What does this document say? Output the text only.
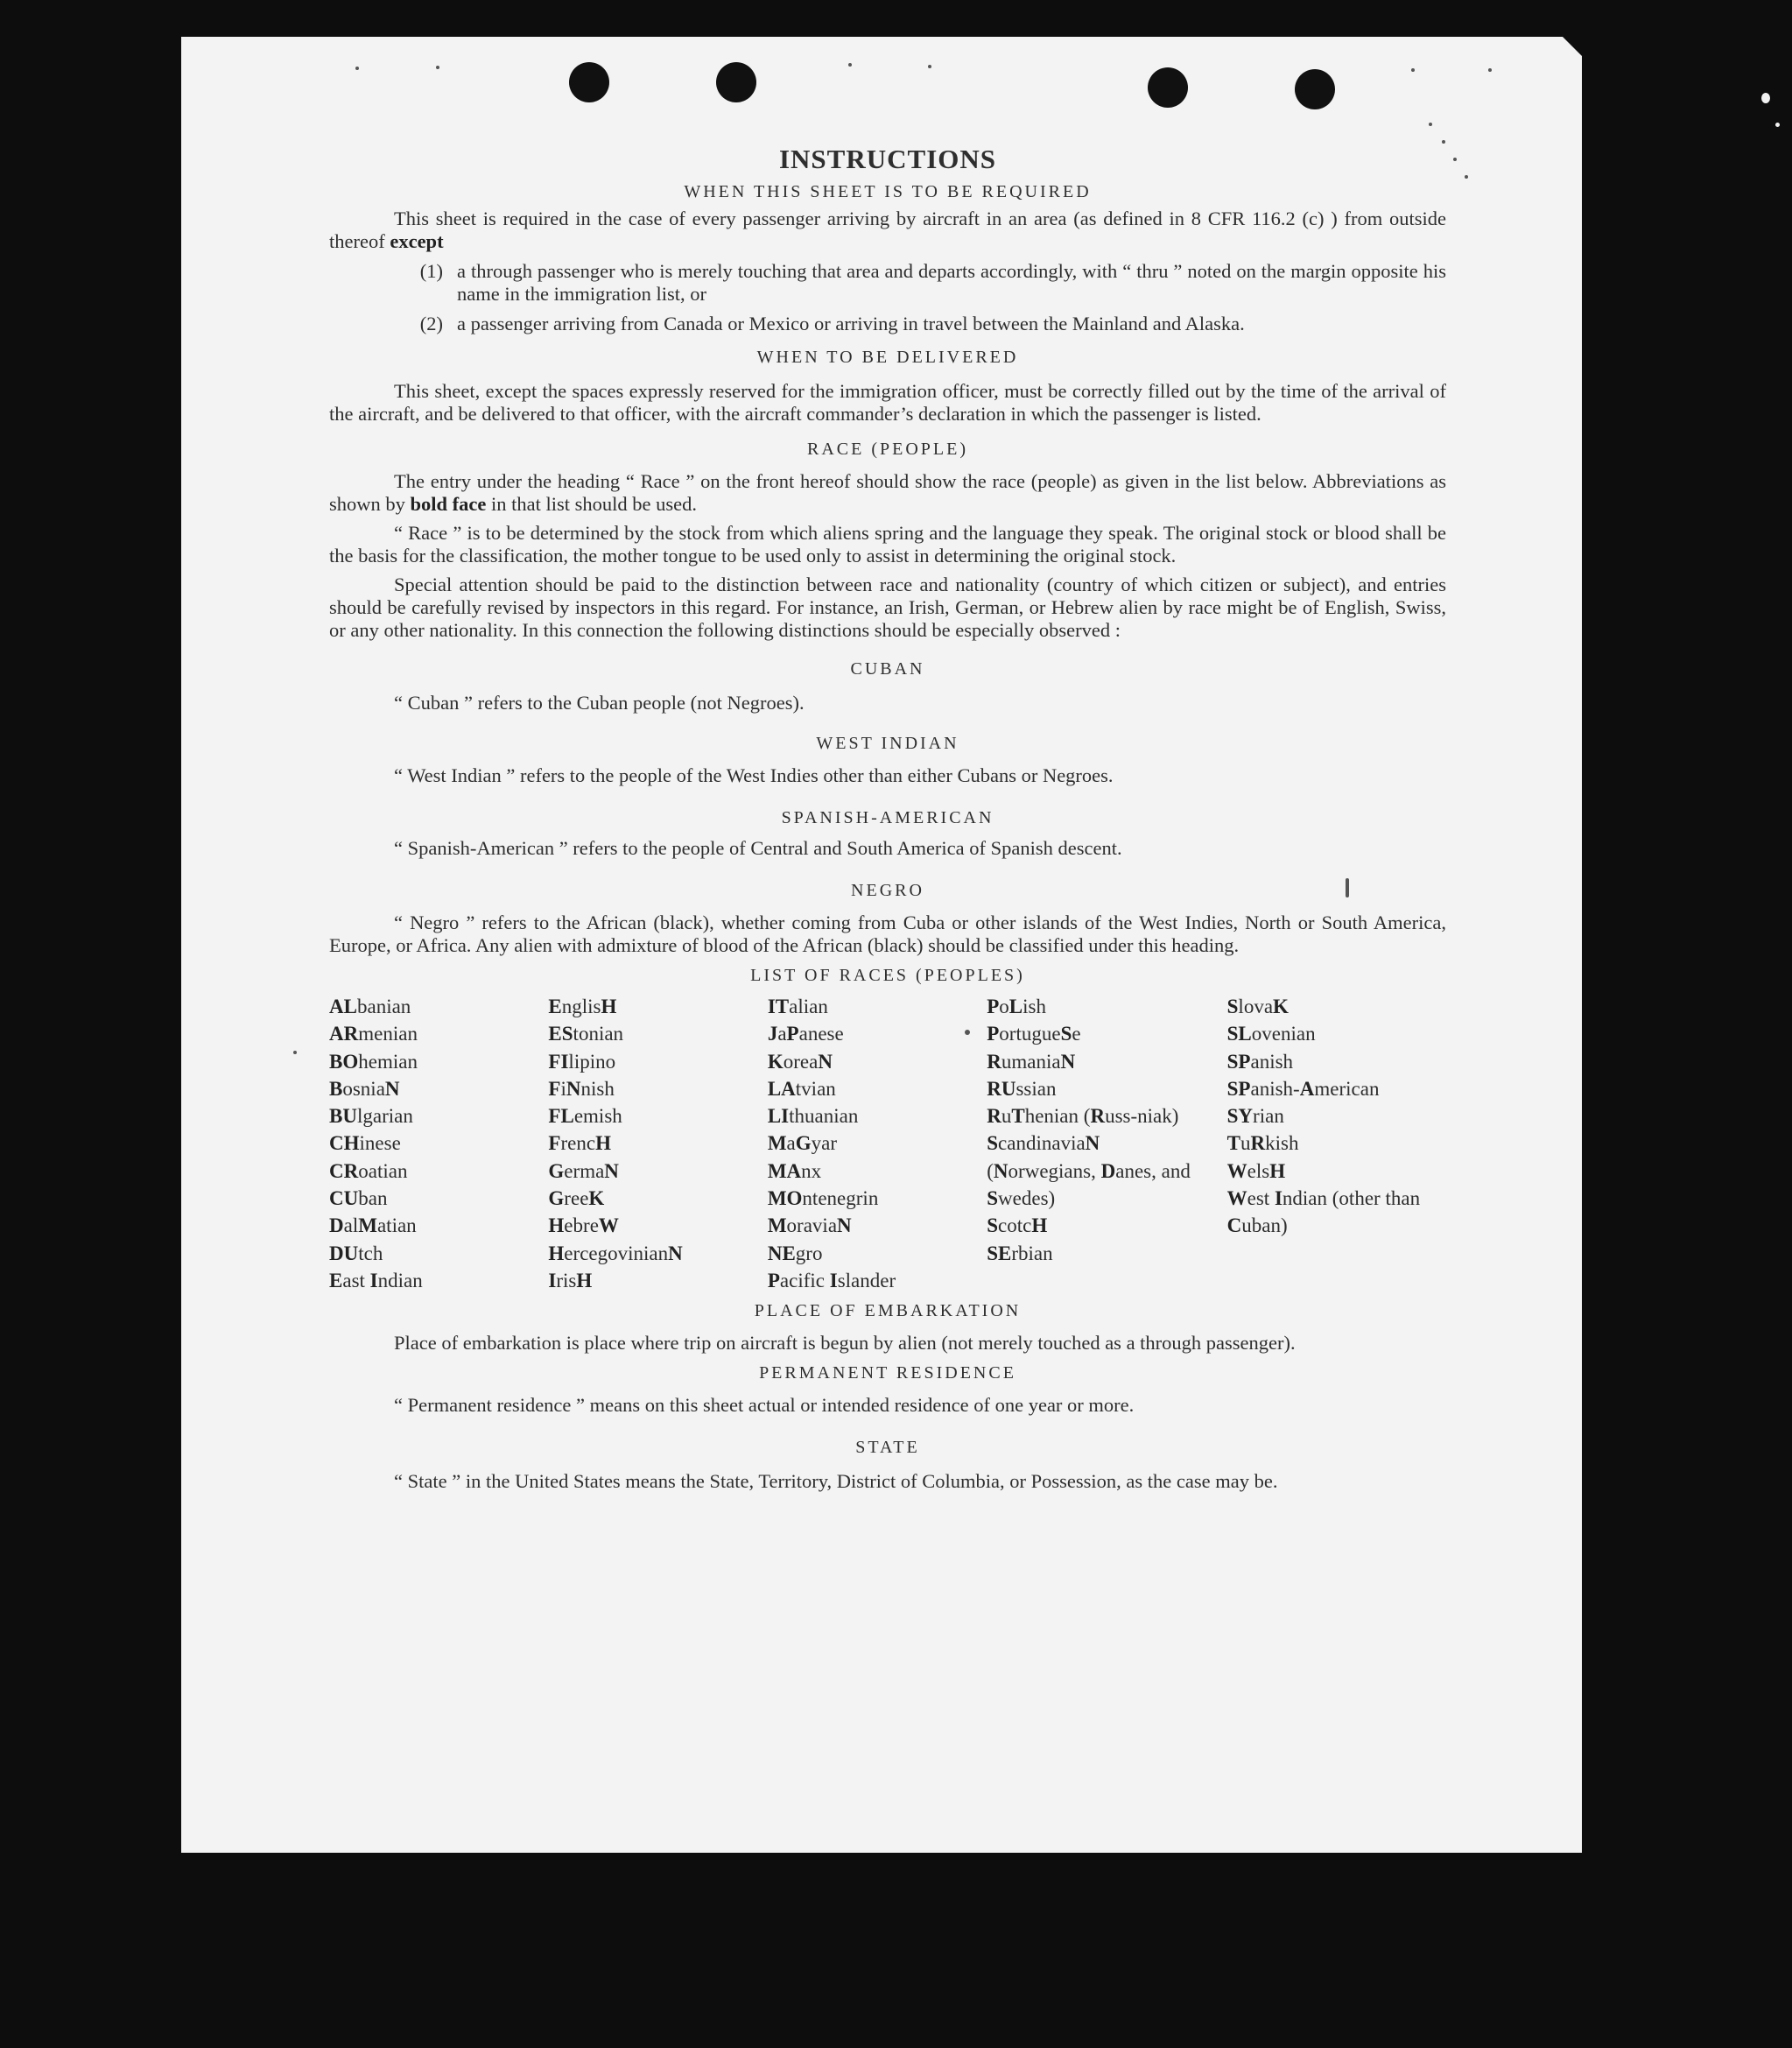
INSTRUCTIONS
WHEN THIS SHEET IS TO BE REQUIRED

This sheet is required in the case of every passenger arriving by aircraft in an area (as defined in 8 CFR 116.2 (c) ) from outside thereof except

(1) a through passenger who is merely touching that area and departs accordingly, with “ thru ” noted on the margin opposite his name in the immigration list, or
(2) a passenger arriving from Canada or Mexico or arriving in travel between the Mainland and Alaska.
WHEN TO BE DELIVERED

This sheet, except the spaces expressly reserved for the immigration officer, must be correctly filled out by the time of the arrival of the aircraft, and be delivered to that officer, with the aircraft commander’s declaration in which the passenger is listed.

RACE (PEOPLE)

The entry under the heading “ Race ” on the front hereof should show the race (people) as given in the list below. Abbreviations as shown by bold face in that list should be used.

“ Race ” is to be determined by the stock from which aliens spring and the language they speak. The original stock or blood shall be the basis for the classification, the mother tongue to be used only to assist in determining the original stock.

Special attention should be paid to the distinction between race and nationality (country of which citizen or subject), and entries should be carefully revised by inspectors in this regard. For instance, an Irish, German, or Hebrew alien by race might be of English, Swiss, or any other nationality. In this connection the following distinctions should be especially observed :

CUBAN

“ Cuban ” refers to the Cuban people (not Negroes).

WEST INDIAN

“ West Indian ” refers to the people of the West Indies other than either Cubans or Negroes.

SPANISH-AMERICAN

“ Spanish-American ” refers to the people of Central and South America of Spanish descent.

NEGRO

“ Negro ” refers to the African (black), whether coming from Cuba or other islands of the West Indies, North or South America, Europe, or Africa. Any alien with admixture of blood of the African (black) should be classified under this heading.

LIST OF RACES (PEOPLES)
ALbanian
ARmenian
BOhemian
BosniaN
BUlgarian
CHinese
CRoatian
CUban
DalMatian
DUtch
East Indian
EnglisH
EStonian
FIlipino
FiNnish
FLemish
FrencH
GermaN
GreeK
HebreW
HercegovinianN
IrisH
ITalian
JaPanese
KoreaN
LAtvian
LIthuanian
MaGyar
MAnx
MOntenegrin
MoraviaN
NEgro
Pacific Islander
PoLish
PortugueSe
RumaniaN
RUssian
RuThenian (Russ-niak)
ScandinaviaN (Norwegians, Danes, and Swedes)
ScotcH
SErbian
SlovaK
SLovenian
SPanish
SPanish-American
SYrian
TuRkish
WelsH
West Indian (other than Cuban)
PLACE OF EMBARKATION

Place of embarkation is place where trip on aircraft is begun by alien (not merely touched as a through passenger).

PERMANENT RESIDENCE

“ Permanent residence ” means on this sheet actual or intended residence of one year or more.

STATE

“ State ” in the United States means the State, Territory, District of Columbia, or Possession, as the case may be.
